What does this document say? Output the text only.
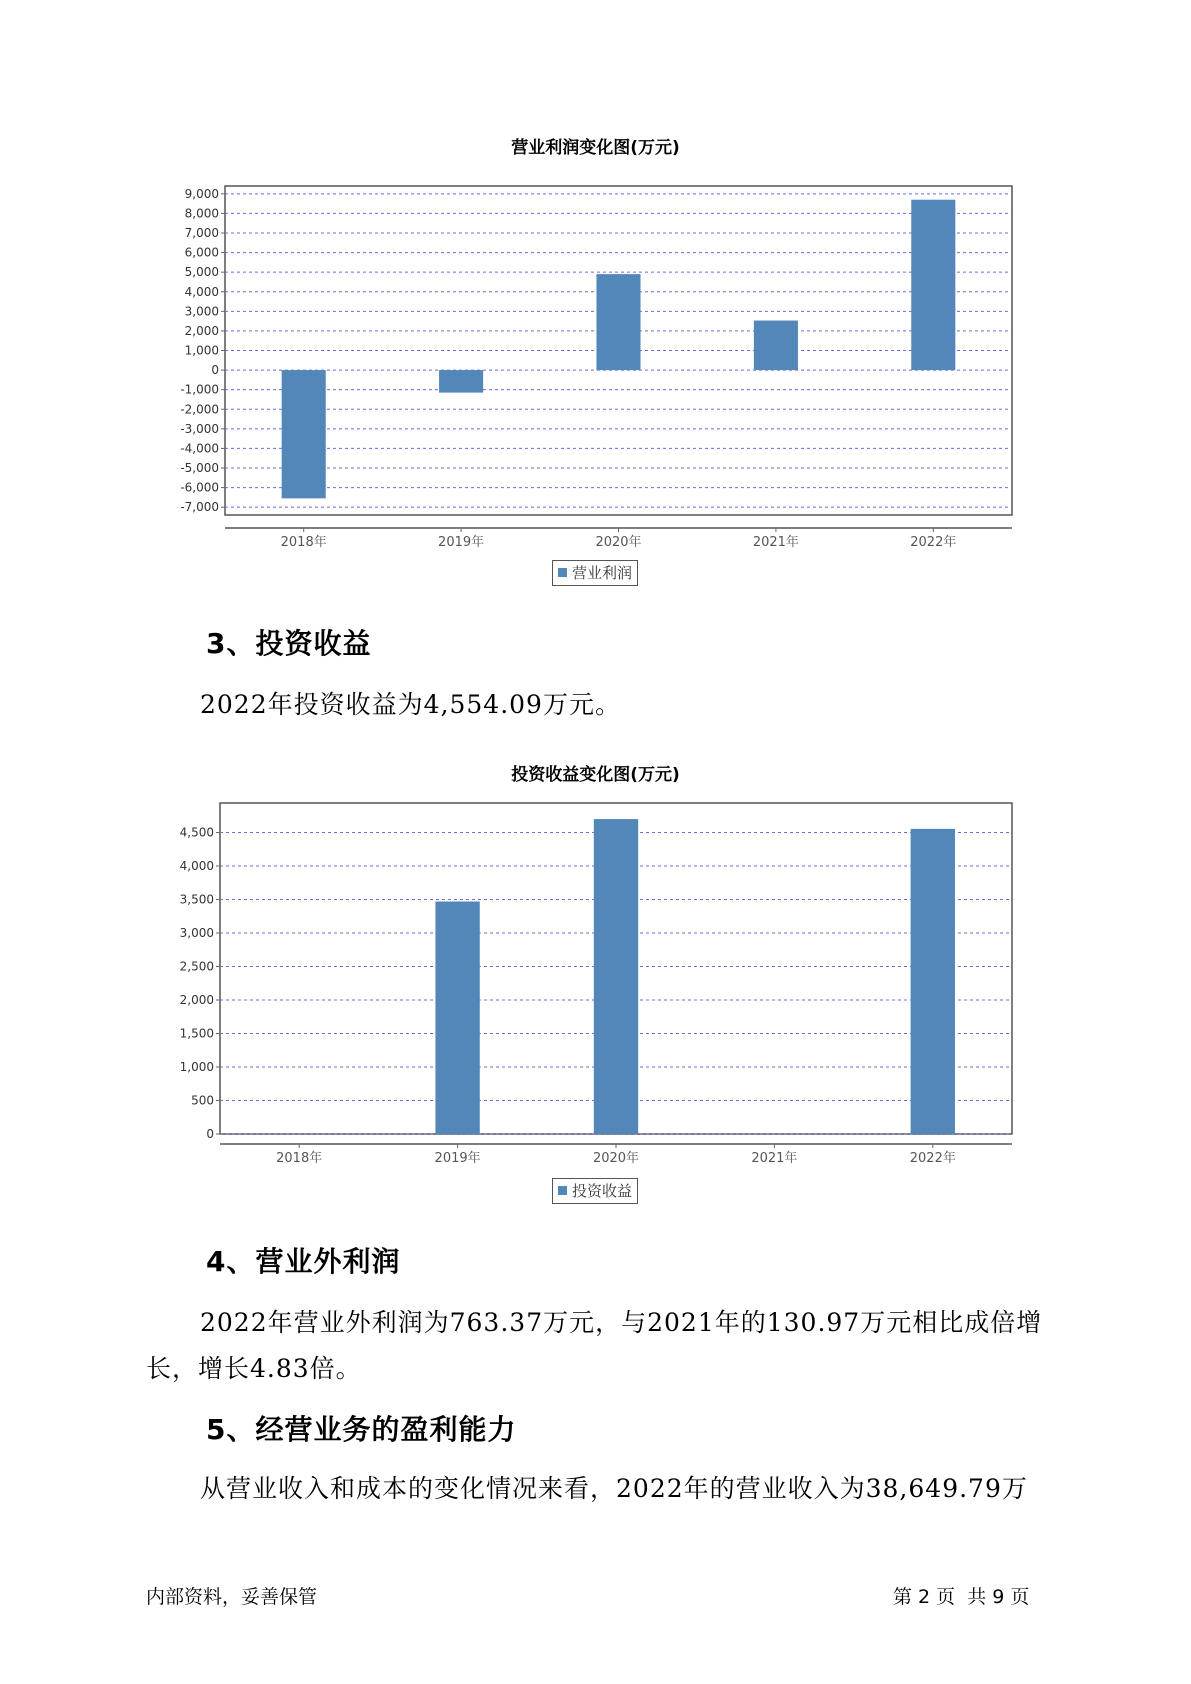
营业利润变化图(万元)
9,000
8,000
7,000
6,000
5,000
4,000
3,000
2,000
1,000
0
-1,000
-2,000
-3,000
-4,000
-5,000
-6,000
-7,000
2018年	2019年	2020年	2021年	2022年
营业利润
3、投资收益
2022年投资收益为4,554.09万元。
投资收益变化图(万元)
4,500
4,000
3,500
3,000
2,500
2,000
1,500
1,000
500
0
2018年	2019年	2020年	2021年	2022年
投资收益
4、营业外利润
2022年营业外利润为763.37万元，与2021年的130.97万元相比成倍增长，增长4.83倍。
5、经营业务的盈利能力
从营业收入和成本的变化情况来看，2022年的营业收入为38,649.79万
内部资料，妥善保管	第 2 页  共 9 页
